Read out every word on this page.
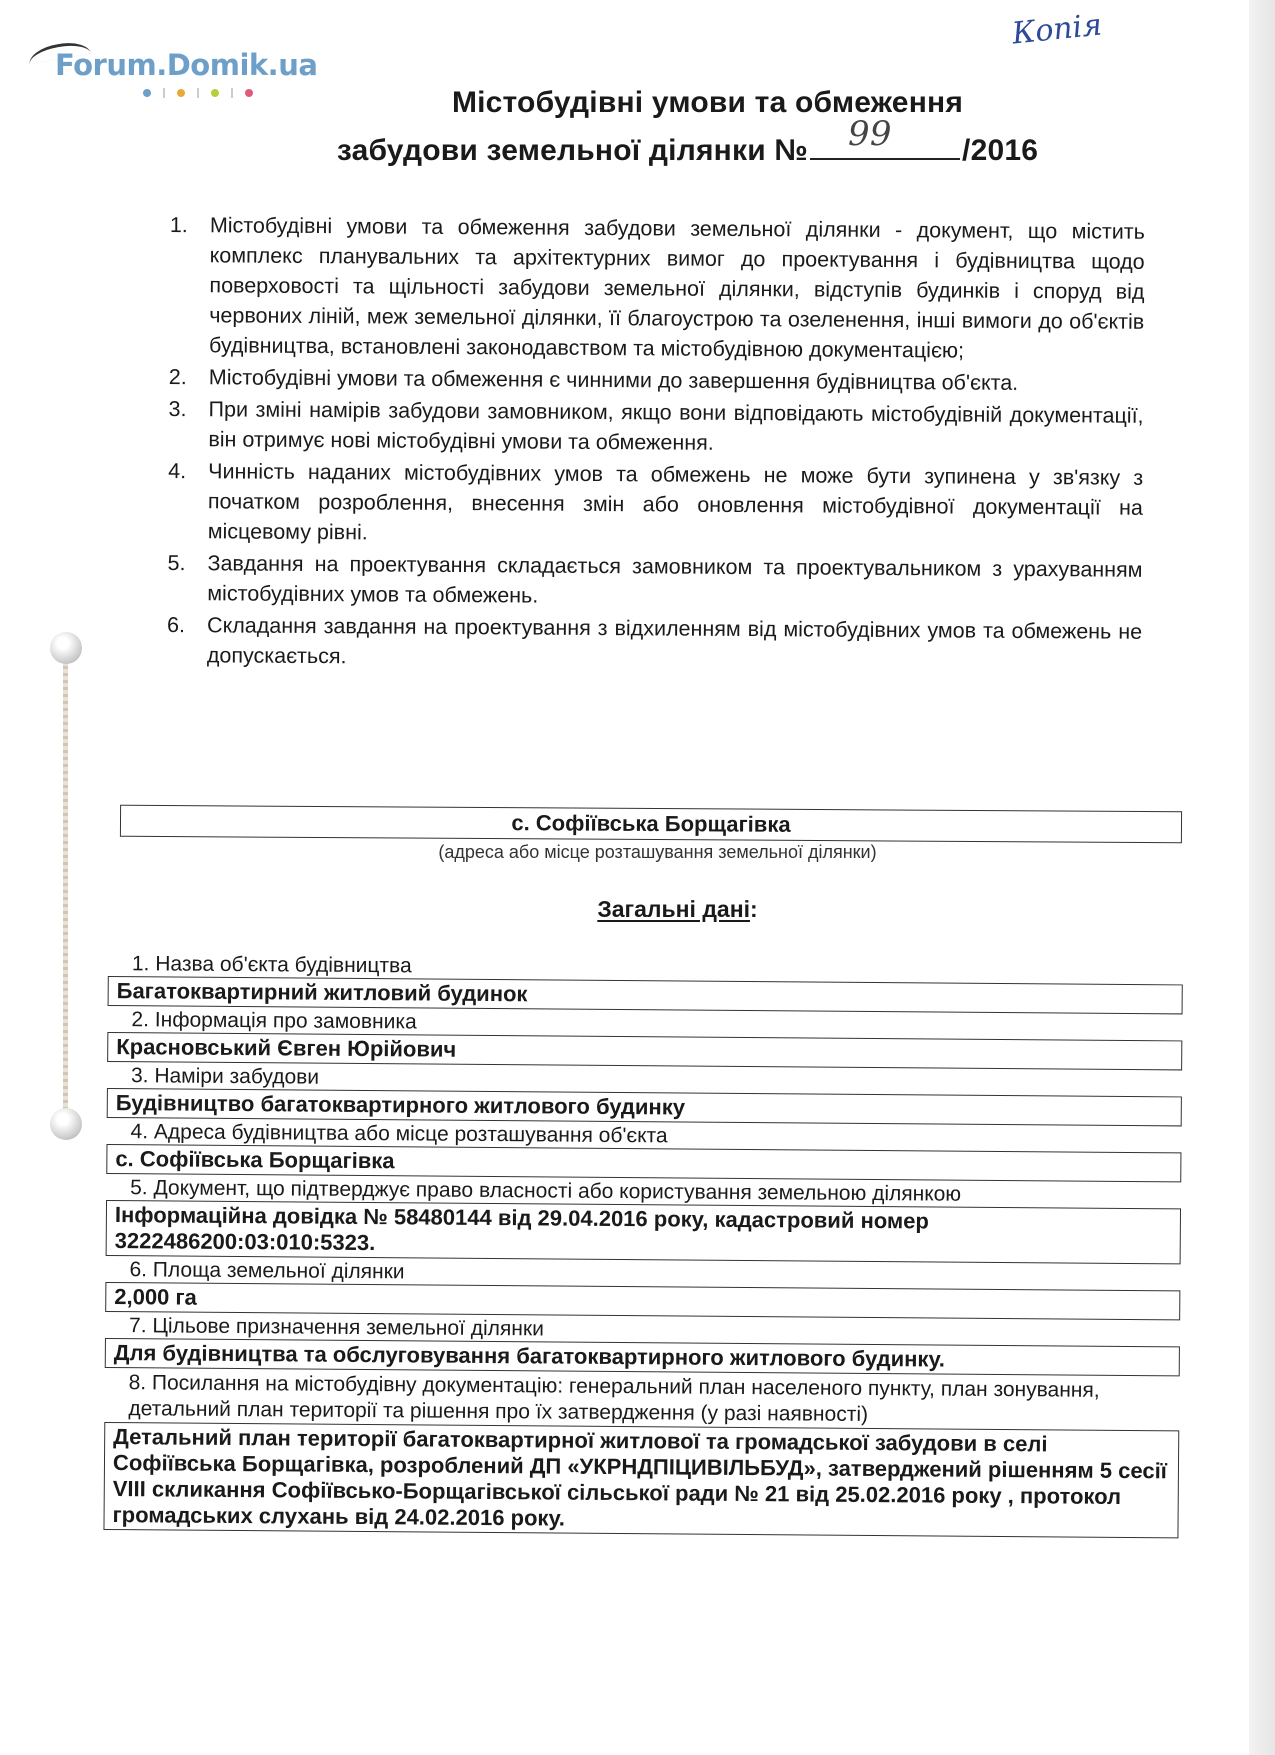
Forum.Domik.ua
Копія
Містобудівні умови та обмеження
забудови земельної ділянки № 99 /2016
1.	Містобудівні умови та обмеження забудови земельної ділянки - документ, що містить комплекс планувальних та архітектурних вимог до проектування і будівництва щодо поверховості та щільності забудови земельної ділянки, відступів будинків і споруд від червоних ліній, меж земельної ділянки, її благоустрою та озеленення, інші вимоги до об'єктів будівництва, встановлені законодавством та містобудівною документацією;
2.	Містобудівні умови та обмеження є чинними до завершення будівництва об'єкта.
3.	При зміні намірів забудови замовником, якщо вони відповідають містобудівній документації, він отримує нові містобудівні умови та обмеження.
4.	Чинність наданих містобудівних умов та обмежень не може бути зупинена у зв'язку з початком розроблення, внесення змін або оновлення містобудівної документації на місцевому рівні.
5.	Завдання на проектування складається замовником та проектувальником з урахуванням містобудівних умов та обмежень.
6.	Складання завдання на проектування з відхиленням від містобудівних умов та обмежень не допускається.
с. Софіївська Борщагівка
(адреса або місце розташування земельної ділянки)
Загальні дані:
1. Назва об'єкта будівництва
Багатоквартирний житловий будинок
2. Інформація про замовника
Красновський Євген Юрійович
3. Наміри забудови
Будівництво багатоквартирного житлового будинку
4. Адреса будівництва або місце розташування об'єкта
с. Софіївська Борщагівка
5. Документ, що підтверджує право власності або користування земельною ділянкою
Інформаційна довідка № 58480144 від 29.04.2016 року, кадастровий номер 3222486200:03:010:5323.
6. Площа земельної ділянки
2,000 га
7. Цільове призначення земельної ділянки
Для будівництва та обслуговування багатоквартирного житлового будинку.
8. Посилання на містобудівну документацію: генеральний план населеного пункту, план зонування, детальний план території та рішення про їх затвердження (у разі наявності)
Детальний план території багатоквартирної житлової та громадської забудови в селі Софіївська Борщагівка, розроблений ДП «УКРНДПІЦИВІЛЬБУД», затверджений рішенням 5 сесії VIII скликання Софіївсько-Борщагівської сільської ради № 21 від 25.02.2016 року , протокол громадських слухань від 24.02.2016 року.
